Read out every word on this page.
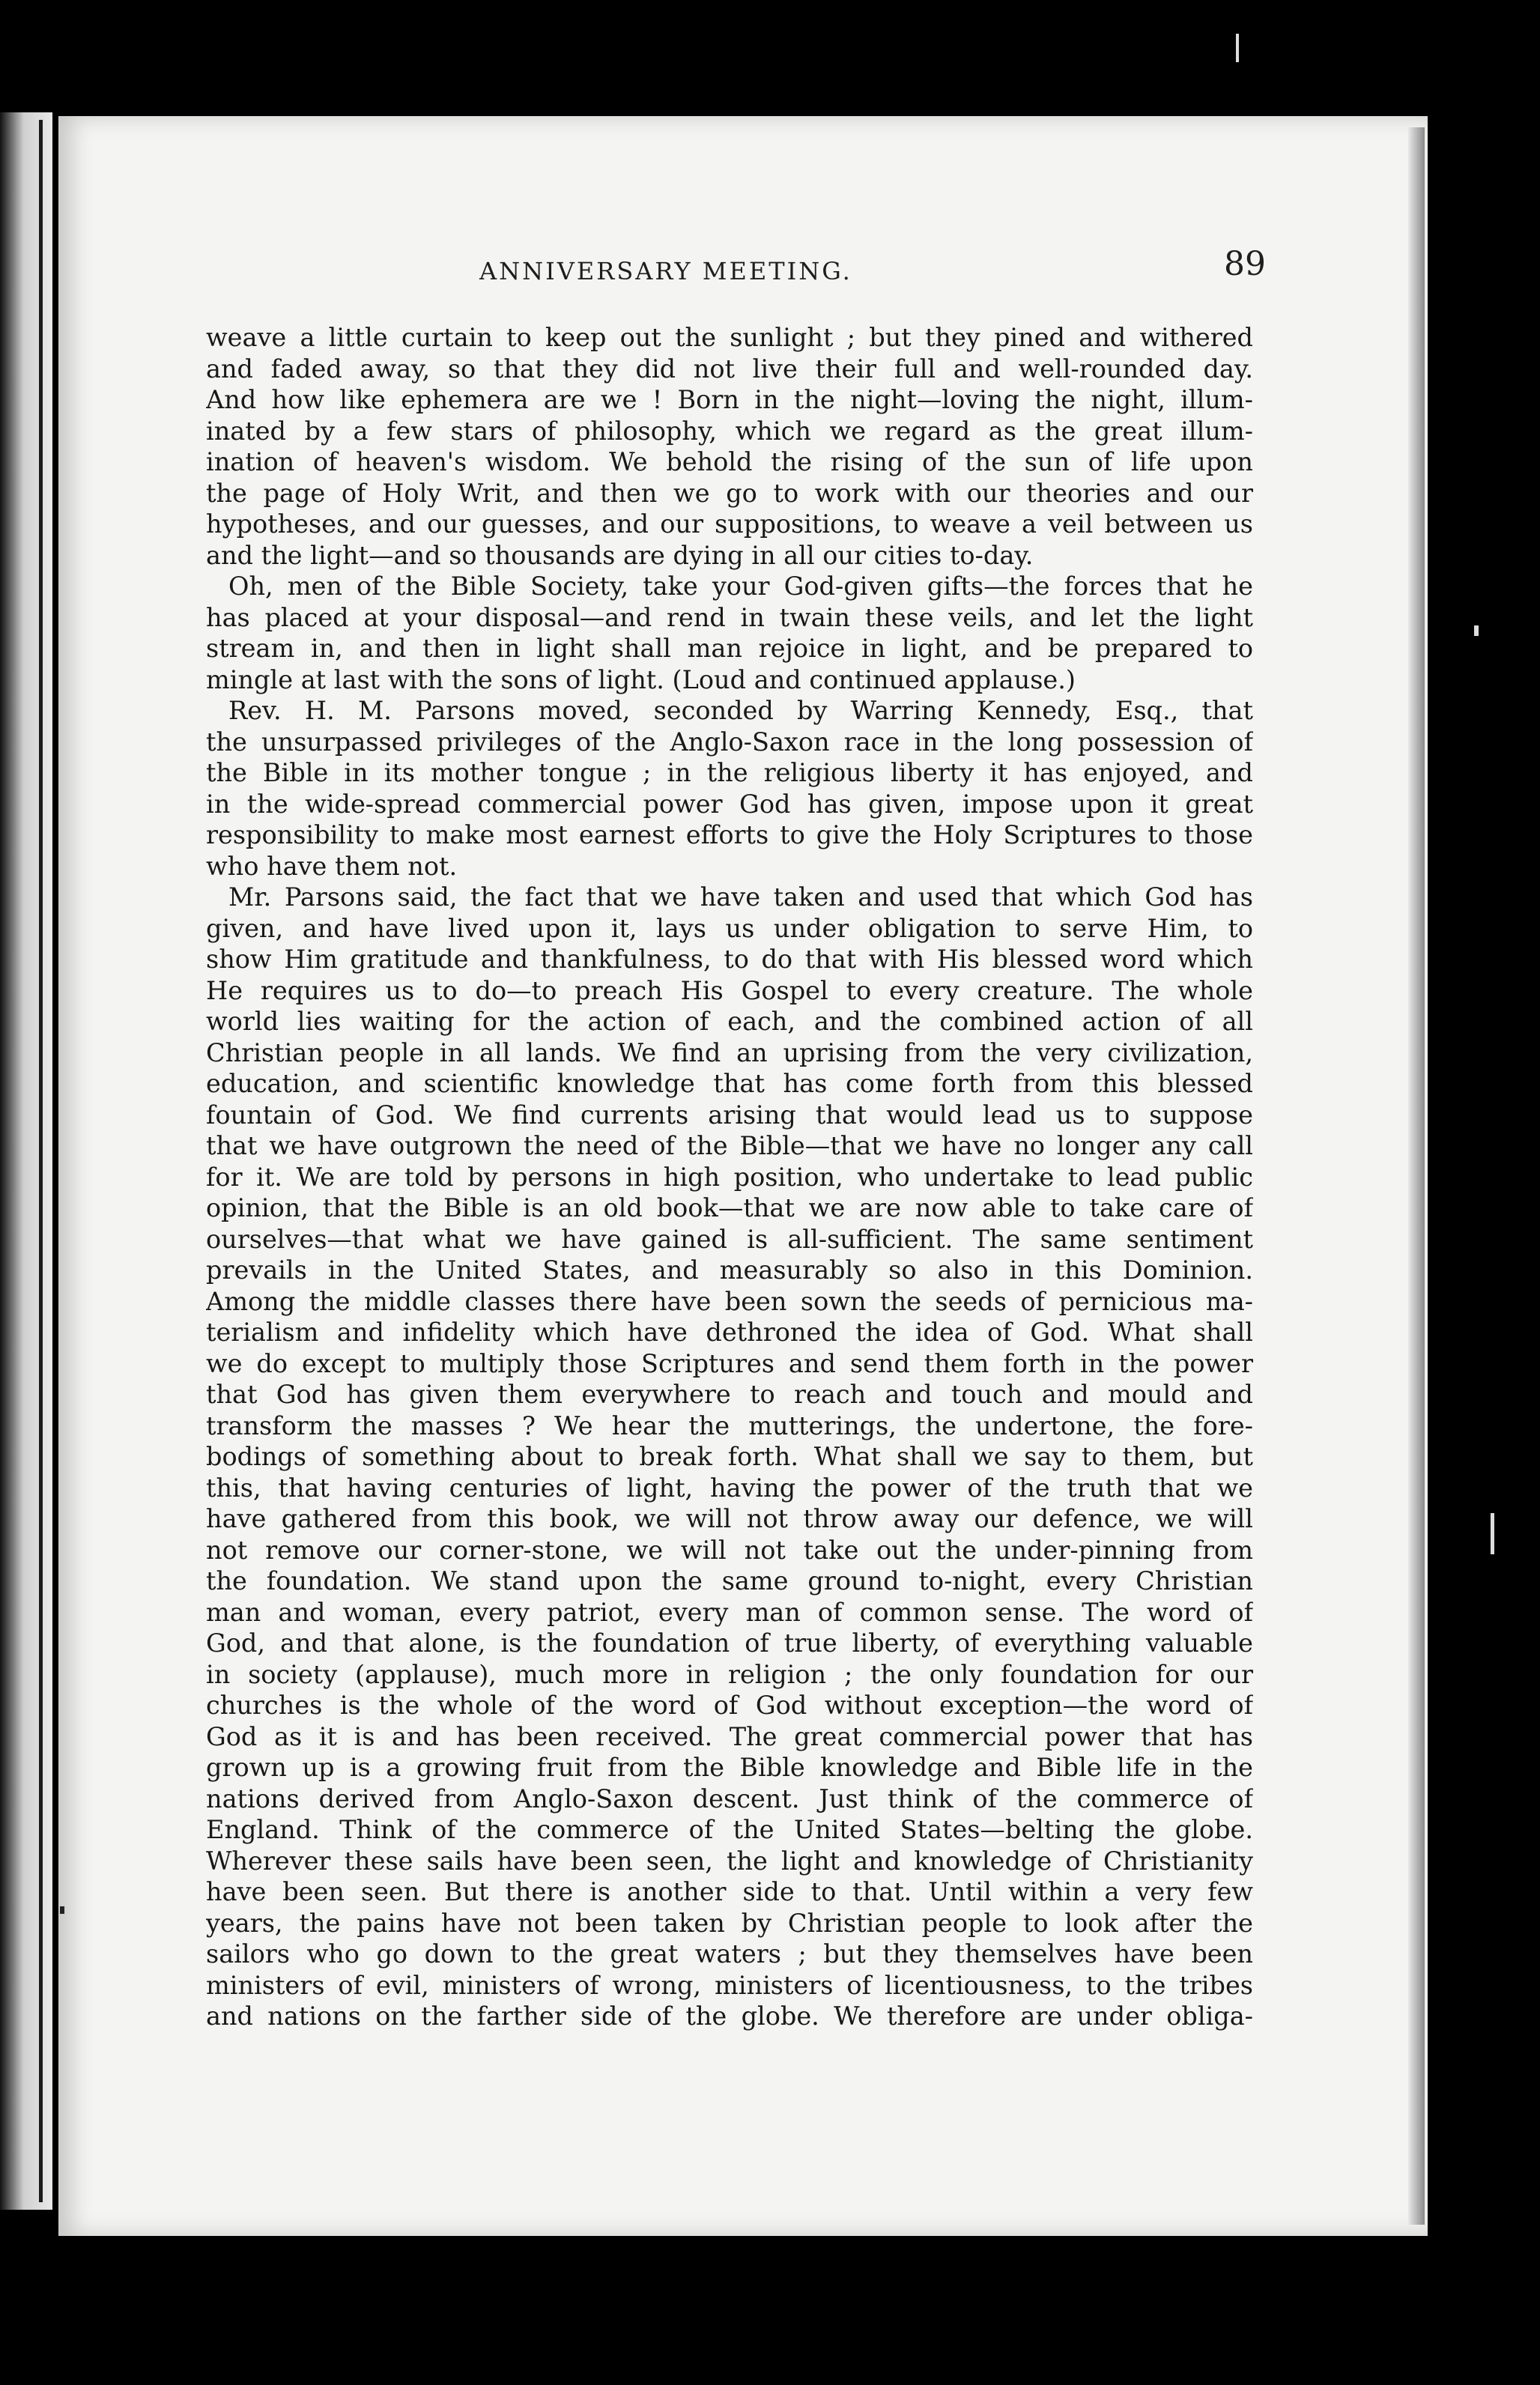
ANNIVERSARY MEETING.	89
weave a little curtain to keep out the sunlight ; but they pined and withered
and faded away, so that they did not live their full and well-rounded day.
And how like ephemera are we ! Born in the night—loving the night, illum-
inated by a few stars of philosophy, which we regard as the great illum-
ination of heaven's wisdom. We behold the rising of the sun of life upon
the page of Holy Writ, and then we go to work with our theories and our
hypotheses, and our guesses, and our suppositions, to weave a veil between us
and the light—and so thousands are dying in all our cities to-day.
Oh, men of the Bible Society, take your God-given gifts—the forces that he
has placed at your disposal—and rend in twain these veils, and let the light
stream in, and then in light shall man rejoice in light, and be prepared to
mingle at last with the sons of light. (Loud and continued applause.)
Rev. H. M. Parsons moved, seconded by Warring Kennedy, Esq., that
the unsurpassed privileges of the Anglo-Saxon race in the long possession of
the Bible in its mother tongue ; in the religious liberty it has enjoyed, and
in the wide-spread commercial power God has given, impose upon it great
responsibility to make most earnest efforts to give the Holy Scriptures to those
who have them not.
Mr. Parsons said, the fact that we have taken and used that which God has
given, and have lived upon it, lays us under obligation to serve Him, to
show Him gratitude and thankfulness, to do that with His blessed word which
He requires us to do—to preach His Gospel to every creature. The whole
world lies waiting for the action of each, and the combined action of all
Christian people in all lands. We find an uprising from the very civilization,
education, and scientific knowledge that has come forth from this blessed
fountain of God. We find currents arising that would lead us to suppose
that we have outgrown the need of the Bible—that we have no longer any call
for it. We are told by persons in high position, who undertake to lead public
opinion, that the Bible is an old book—that we are now able to take care of
ourselves—that what we have gained is all-sufficient. The same sentiment
prevails in the United States, and measurably so also in this Dominion.
Among the middle classes there have been sown the seeds of pernicious ma-
terialism and infidelity which have dethroned the idea of God. What shall
we do except to multiply those Scriptures and send them forth in the power
that God has given them everywhere to reach and touch and mould and
transform the masses ? We hear the mutterings, the undertone, the fore-
bodings of something about to break forth. What shall we say to them, but
this, that having centuries of light, having the power of the truth that we
have gathered from this book, we will not throw away our defence, we will
not remove our corner-stone, we will not take out the under-pinning from
the foundation. We stand upon the same ground to-night, every Christian
man and woman, every patriot, every man of common sense. The word of
God, and that alone, is the foundation of true liberty, of everything valuable
in society (applause), much more in religion ; the only foundation for our
churches is the whole of the word of God without exception—the word of
God as it is and has been received. The great commercial power that has
grown up is a growing fruit from the Bible knowledge and Bible life in the
nations derived from Anglo-Saxon descent. Just think of the commerce of
England. Think of the commerce of the United States—belting the globe.
Wherever these sails have been seen, the light and knowledge of Christianity
have been seen. But there is another side to that. Until within a very few
years, the pains have not been taken by Christian people to look after the
sailors who go down to the great waters ; but they themselves have been
ministers of evil, ministers of wrong, ministers of licentiousness, to the tribes
and nations on the farther side of the globe. We therefore are under obliga-
